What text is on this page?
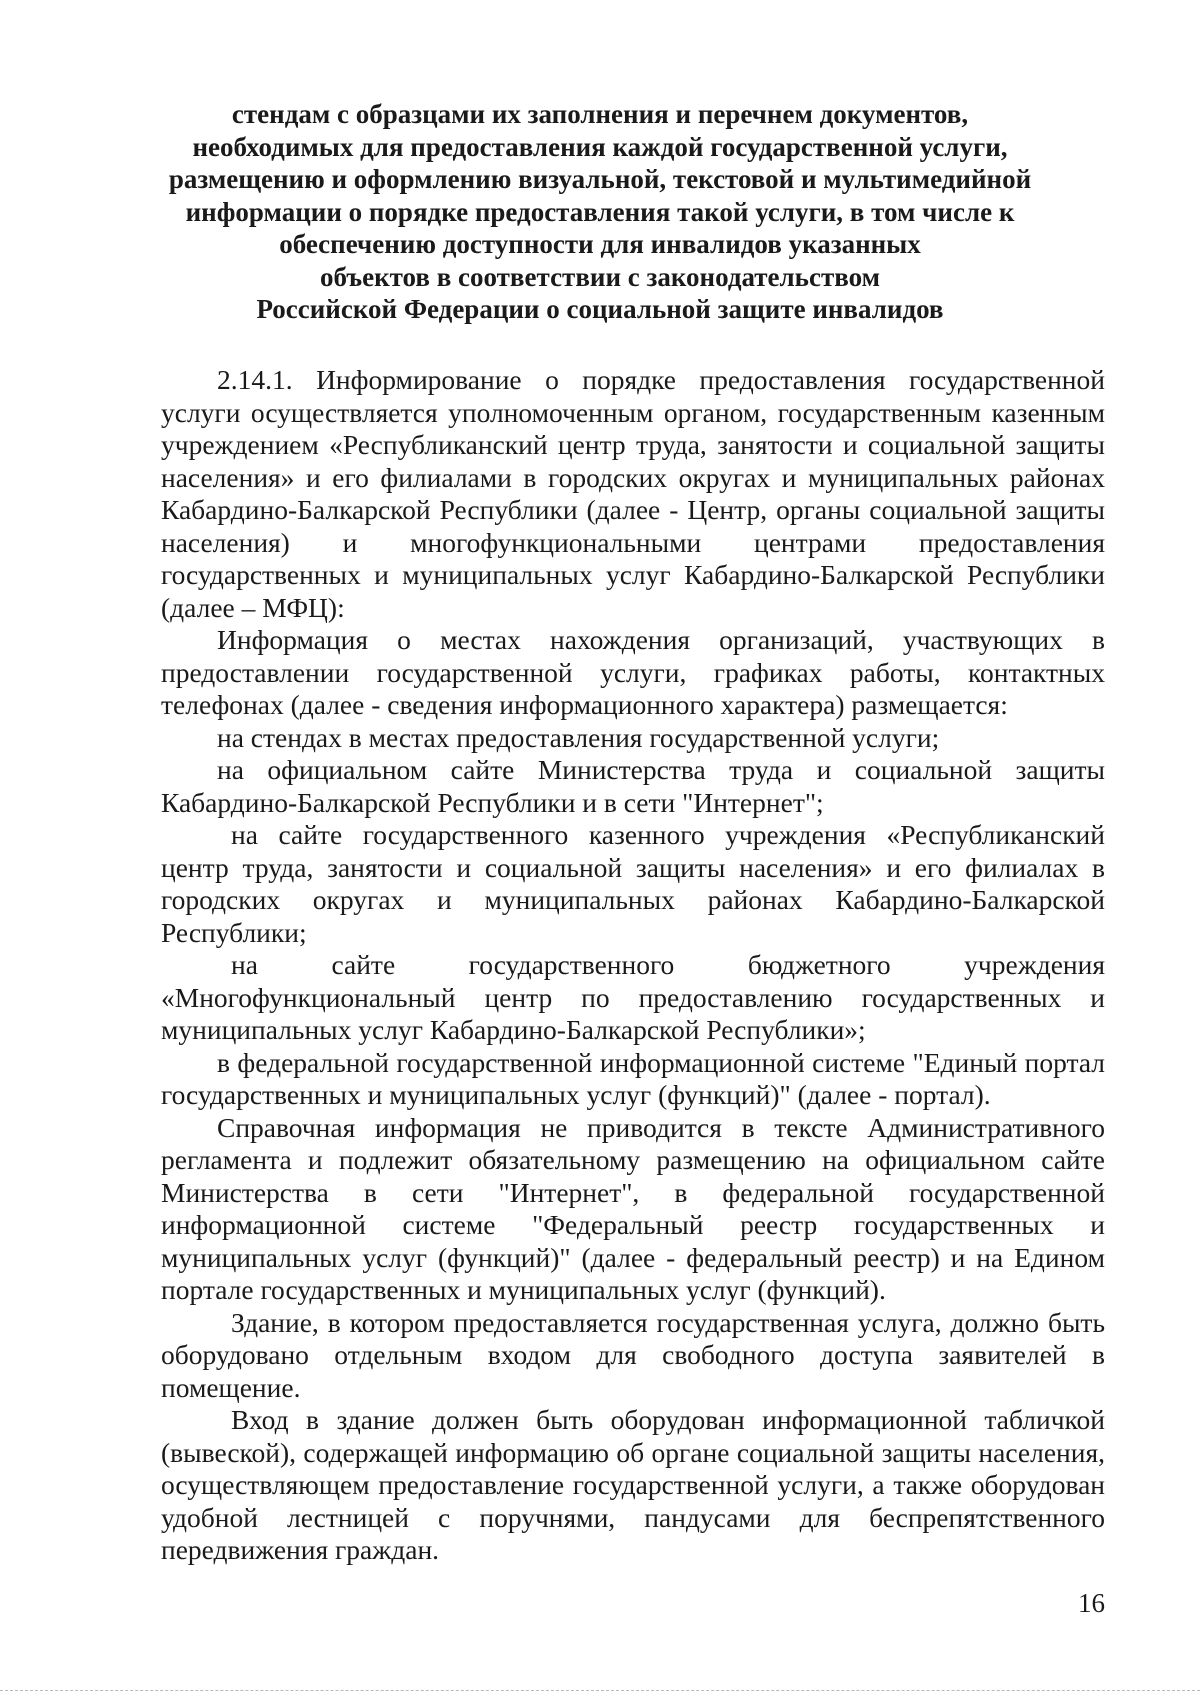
стендам с образцами их заполнения и перечнем документов,
необходимых для предоставления каждой государственной услуги,
размещению и оформлению визуальной, текстовой и мультимедийной
информации о порядке предоставления такой услуги, в том числе к
обеспечению доступности для инвалидов указанных
объектов в соответствии с законодательством
Российской Федерации о социальной защите инвалидов

2.14.1. Информирование о порядке предоставления государственной услуги осуществляется уполномоченным органом, государственным казенным учреждением «Республиканский центр труда, занятости и социальной защиты населения» и его филиалами в городских округах и муниципальных районах Кабардино-Балкарской Республики (далее - Центр, органы социальной защиты населения) и многофункциональными центрами предоставления государственных и муниципальных услуг Кабардино-Балкарской Республики (далее – МФЦ):

Информация о местах нахождения организаций, участвующих в предоставлении государственной услуги, графиках работы, контактных телефонах (далее - сведения информационного характера) размещается:

на стендах в местах предоставления государственной услуги;

на официальном сайте Министерства труда и социальной защиты Кабардино-Балкарской Республики и в сети "Интернет";

на сайте государственного казенного учреждения «Республиканский центр труда, занятости и социальной защиты населения» и его филиалах в городских округах и муниципальных районах Кабардино-Балкарской Республики;

на сайте государственного бюджетного учреждения «Многофункциональный центр по предоставлению государственных и муниципальных услуг Кабардино-Балкарской Республики»;

в федеральной государственной информационной системе "Единый портал государственных и муниципальных услуг (функций)" (далее - портал).

Справочная информация не приводится в тексте Административного регламента и подлежит обязательному размещению на официальном сайте Министерства в сети "Интернет", в федеральной государственной информационной системе "Федеральный реестр государственных и муниципальных услуг (функций)" (далее - федеральный реестр) и на Едином портале государственных и муниципальных услуг (функций).

Здание, в котором предоставляется государственная услуга, должно быть оборудовано отдельным входом для свободного доступа заявителей в помещение.

Вход в здание должен быть оборудован информационной табличкой (вывеской), содержащей информацию об органе социальной защиты населения, осуществляющем предоставление государственной услуги, а также оборудован удобной лестницей с поручнями, пандусами для беспрепятственного передвижения граждан.

16
